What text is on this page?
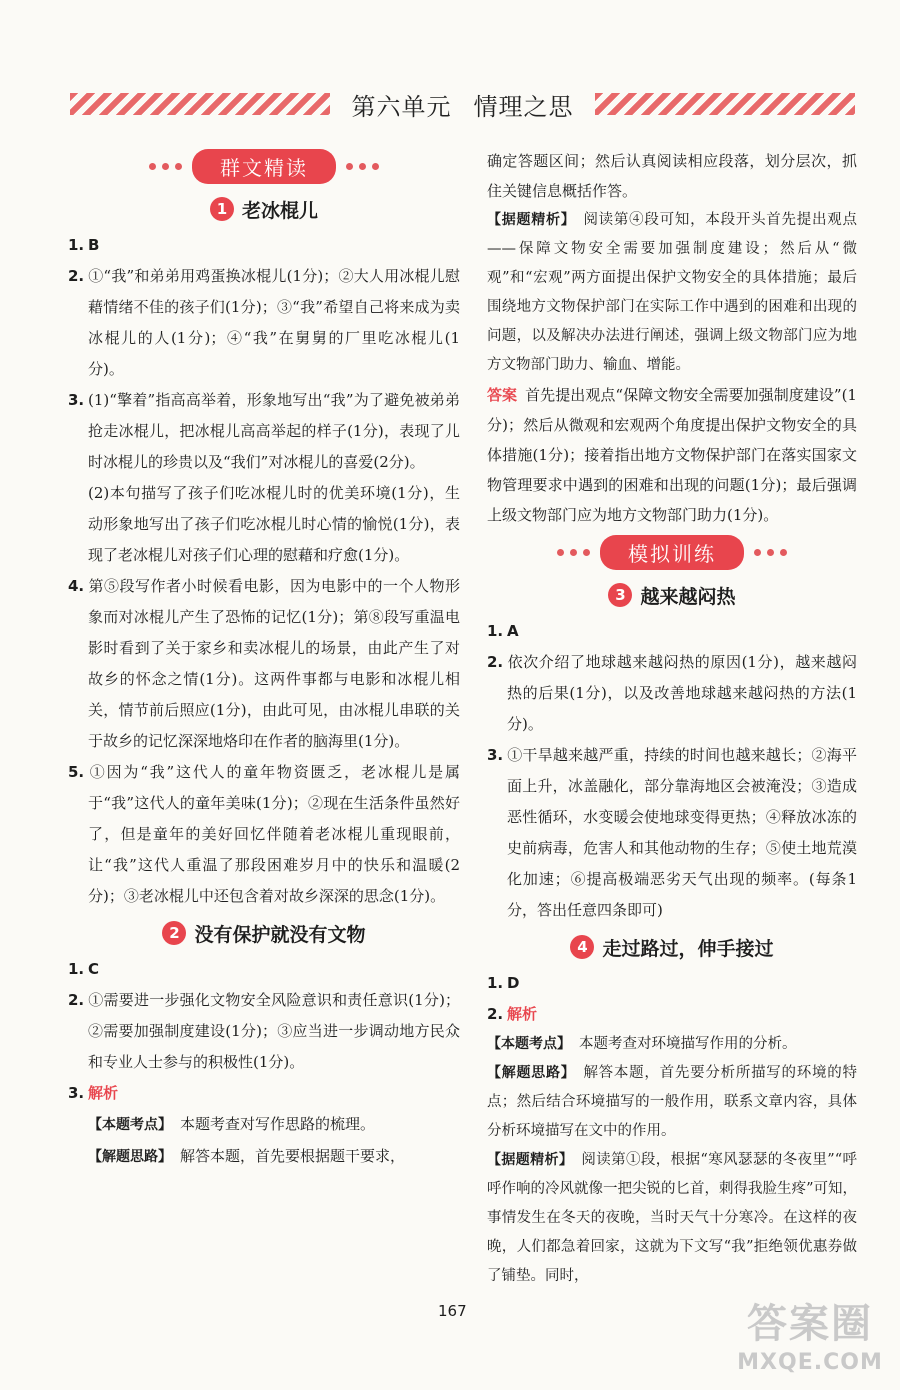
第六单元 情理之思
群文精读
1 老冰棍儿

1. B

2. ①“我”和弟弟用鸡蛋换冰棍儿(1分)；②大人用冰棍儿慰藉情绪不佳的孩子们(1分)；③“我”希望自己将来成为卖冰棍儿的人(1分)；④“我”在舅舅的厂里吃冰棍儿(1分)。

3. (1)“擎着”指高高举着，形象地写出“我”为了避免被弟弟抢走冰棍儿，把冰棍儿高高举起的样子(1分)，表现了儿时冰棍儿的珍贵以及“我们”对冰棍儿的喜爱(2分)。

(2)本句描写了孩子们吃冰棍儿时的优美环境(1分)，生动形象地写出了孩子们吃冰棍儿时心情的愉悦(1分)，表现了老冰棍儿对孩子们心理的慰藉和疗愈(1分)。

4. 第⑤段写作者小时候看电影，因为电影中的一个人物形象而对冰棍儿产生了恐怖的记忆(1分)；第⑧段写重温电影时看到了关于家乡和卖冰棍儿的场景，由此产生了对故乡的怀念之情(1分)。这两件事都与电影和冰棍儿相关，情节前后照应(1分)，由此可见，由冰棍儿串联的关于故乡的记忆深深地烙印在作者的脑海里(1分)。

5. ①因为“我”这代人的童年物资匮乏，老冰棍儿是属于“我”这代人的童年美味(1分)；②现在生活条件虽然好了，但是童年的美好回忆伴随着老冰棍儿重现眼前，让“我”这代人重温了那段困难岁月中的快乐和温暖(2分)；③老冰棍儿中还包含着对故乡深深的思念(1分)。

2 没有保护就没有文物

1. C

2. ①需要进一步强化文物安全风险意识和责任意识(1分)；②需要加强制度建设(1分)；③应当进一步调动地方民众和专业人士参与的积极性(1分)。

3. 解析

【本题考点】 本题考查对写作思路的梳理。

【解题思路】 解答本题，首先要根据题干要求，

确定答题区间；然后认真阅读相应段落，划分层次，抓住关键信息概括作答。

【据题精析】 阅读第④段可知，本段开头首先提出观点——保障文物安全需要加强制度建设；然后从“微观”和“宏观”两方面提出保护文物安全的具体措施；最后围绕地方文物保护部门在实际工作中遇到的困难和出现的问题，以及解决办法进行阐述，强调上级文物部门应为地方文物部门助力、输血、增能。

答案 首先提出观点“保障文物安全需要加强制度建设”(1分)；然后从微观和宏观两个角度提出保护文物安全的具体措施(1分)；接着指出地方文物保护部门在落实国家文物管理要求中遇到的困难和出现的问题(1分)；最后强调上级文物部门应为地方文物部门助力(1分)。

模拟训练
3 越来越闷热

1. A

2. 依次介绍了地球越来越闷热的原因(1分)，越来越闷热的后果(1分)，以及改善地球越来越闷热的方法(1分)。

3. ①干旱越来越严重，持续的时间也越来越长；②海平面上升，冰盖融化，部分靠海地区会被淹没；③造成恶性循环，水变暖会使地球变得更热；④释放冰冻的史前病毒，危害人和其他动物的生存；⑤使土地荒漠化加速；⑥提高极端恶劣天气出现的频率。(每条1分，答出任意四条即可)

4 走过路过，伸手接过

1. D

2. 解析

【本题考点】 本题考查对环境描写作用的分析。

【解题思路】 解答本题，首先要分析所描写的环境的特点；然后结合环境描写的一般作用，联系文章内容，具体分析环境描写在文中的作用。

【据题精析】 阅读第①段，根据“寒风瑟瑟的冬夜里”“呼呼作响的冷风就像一把尖锐的匕首，刺得我脸生疼”可知，事情发生在冬天的夜晚，当时天气十分寒冷。在这样的夜晚，人们都急着回家，这就为下文写“我”拒绝领优惠券做了铺垫。同时，

167	答案圈
MXQE.COM
